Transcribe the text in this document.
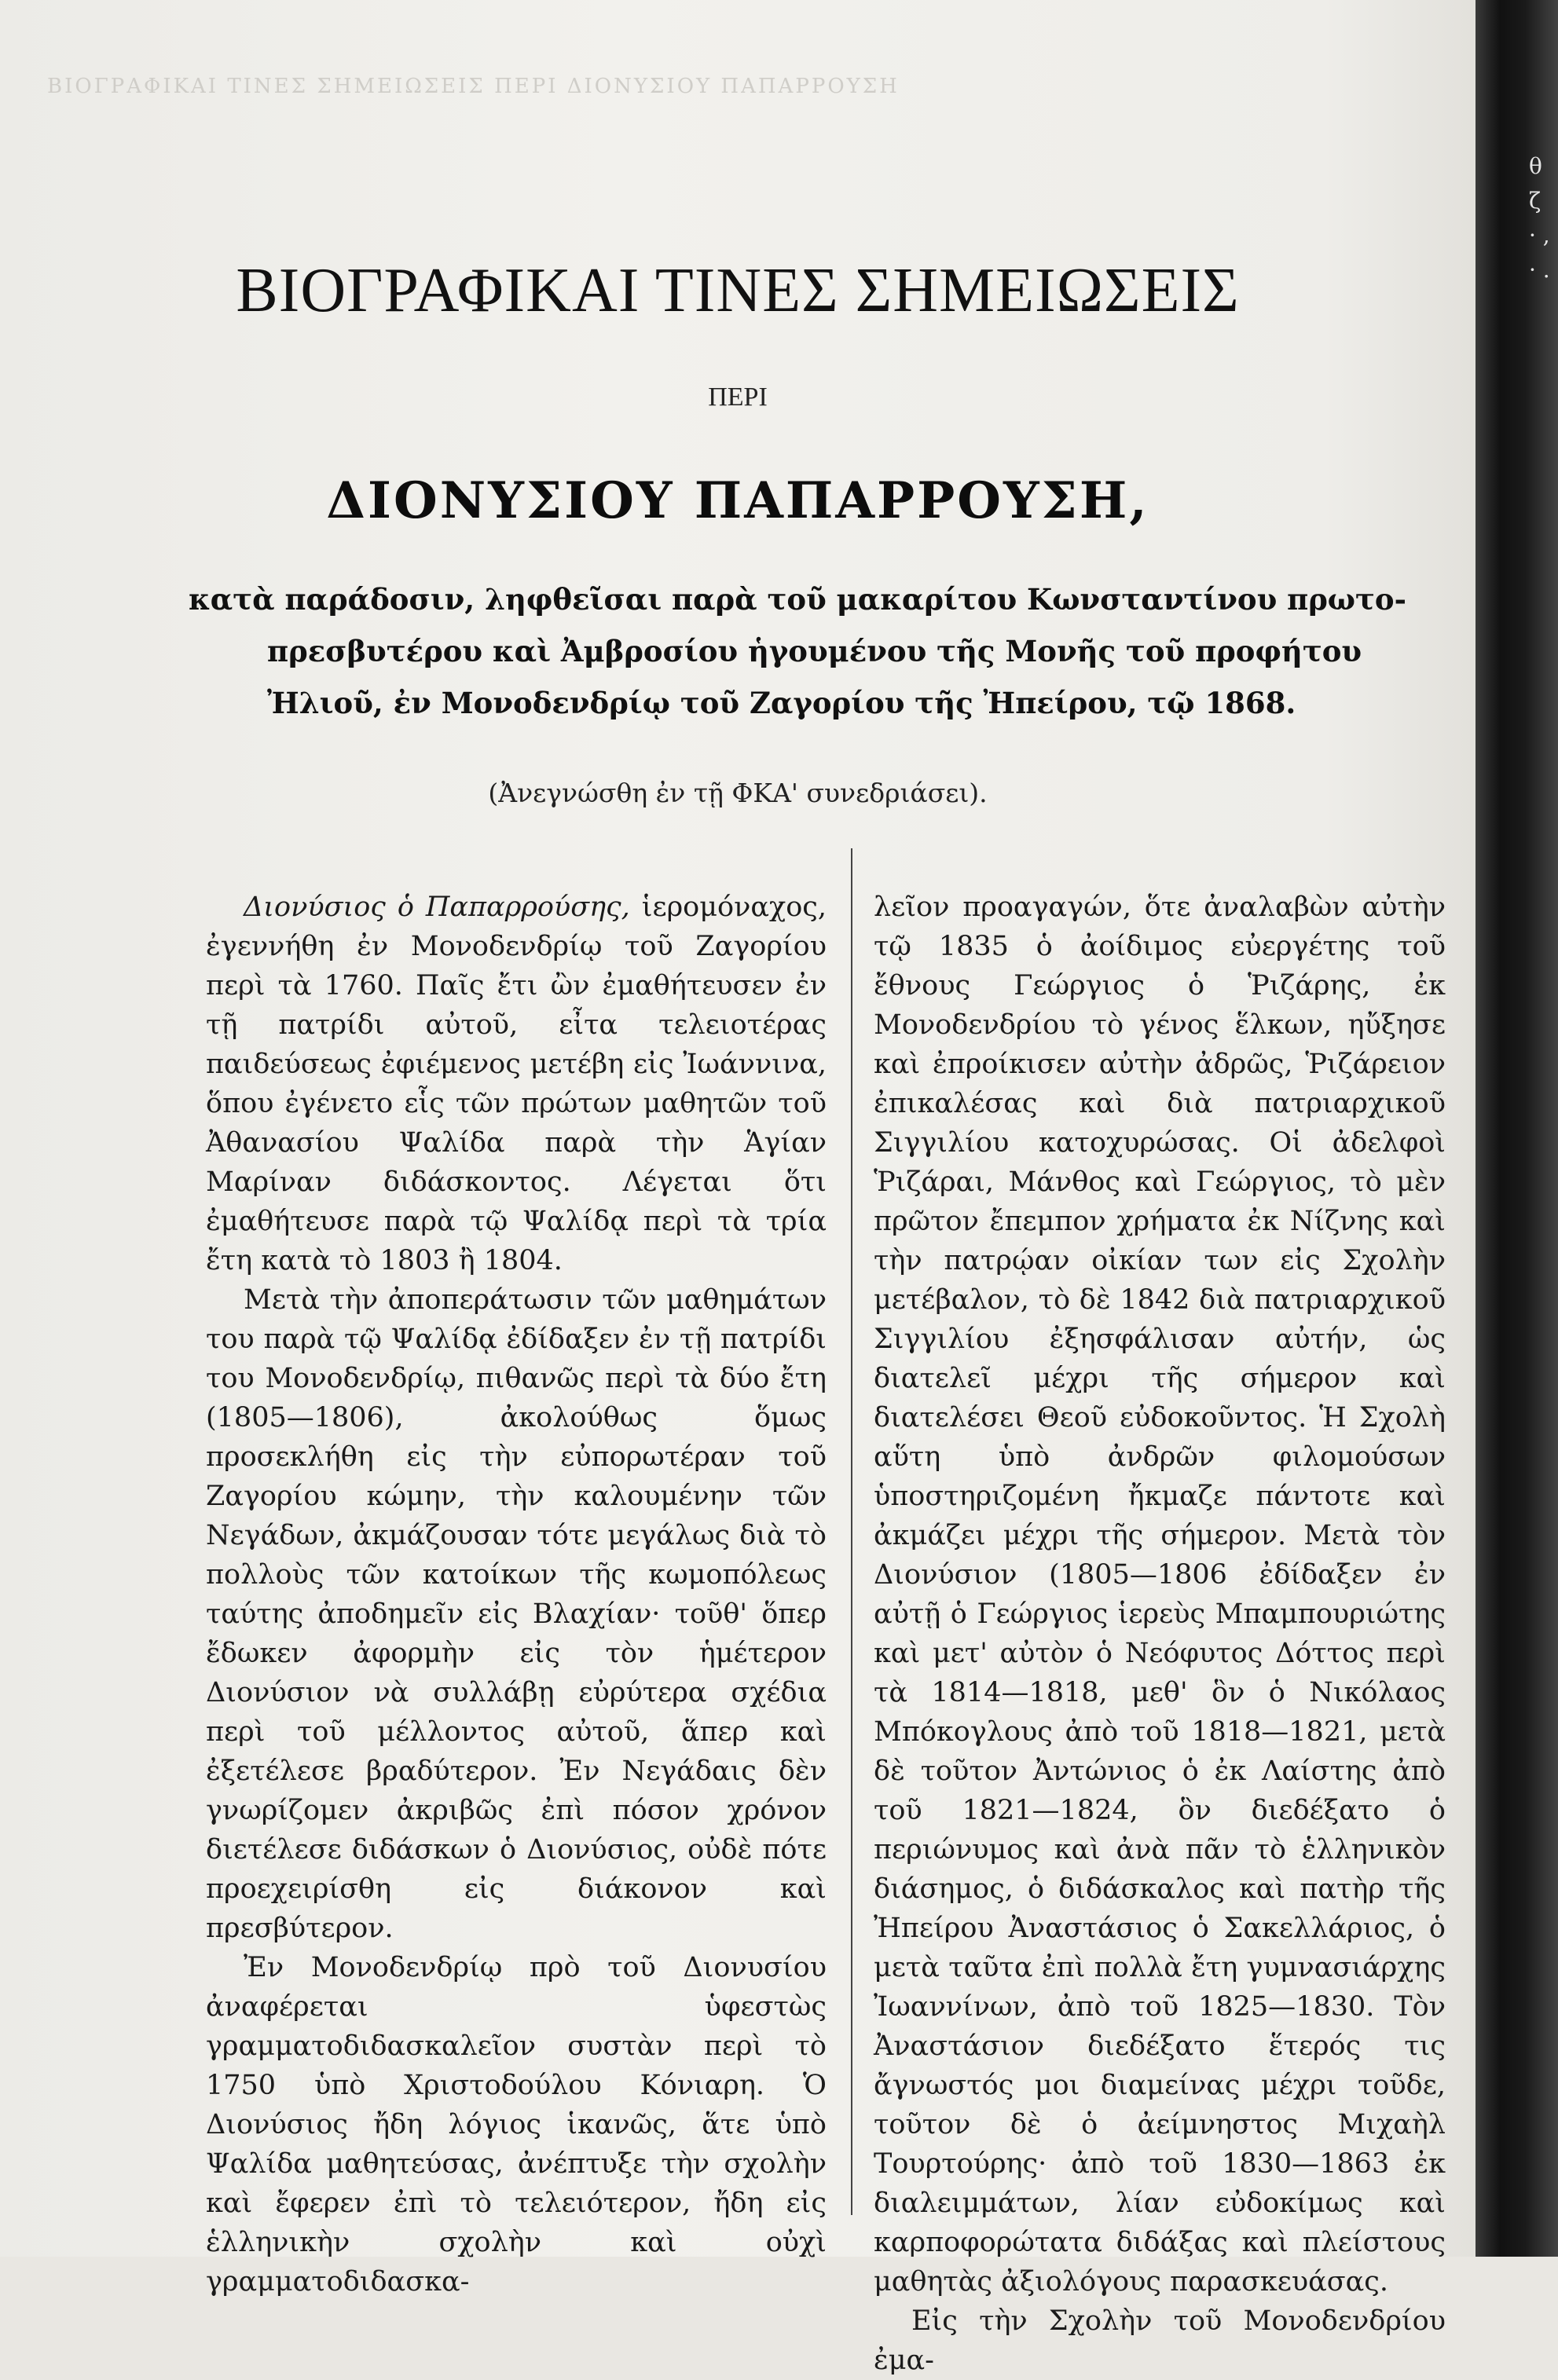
ΒΙΟΓΡΑΦΙΚΑΙ ΤΙΝΕΣ ΣΗΜΕΙΩΣΕΙΣ ΠΕΡΙ ΔΙΟΝΥΣΙΟΥ ΠΑΠΑΡΡΟΥΣΗ
ΒΙΟΓΡΑΦΙΚΑΙ ΤΙΝΕΣ ΣΗΜΕΙΩΣΕΙΣ
ΠΕΡΙ
ΔΙΟΝΥΣΙΟΥ ΠΑΠΑΡΡΟΥΣΗ,
κατὰ παράδοσιν, ληφθεῖσαι παρὰ τοῦ μακαρίτου Κωνσταντίνου πρωτο-
πρεσβυτέρου καὶ Ἀμβροσίου ἡγουμένου τῆς Μονῆς τοῦ προφήτου
Ἠλιοῦ, ἐν Μονοδενδρίῳ τοῦ Ζαγορίου τῆς Ἠπείρου, τῷ 1868.
(Ἀνεγνώσθη ἐν τῇ ΦΚΑ' συνεδριάσει).

Διονύσιος ὁ Παπαρρούσης, ἱερομόναχος, ἐγεννήθη ἐν Μονοδενδρίῳ τοῦ Ζαγορίου περὶ τὰ 1760. Παῖς ἔτι ὢν ἐμαθήτευσεν ἐν τῇ πατρίδι αὐτοῦ, εἶτα τελειοτέρας παιδεύσεως ἐφιέμενος μετέβη εἰς Ἰωάννινα, ὅπου ἐγένετο εἷς τῶν πρώτων μαθητῶν τοῦ Ἀθανασίου Ψαλίδα παρὰ τὴν Ἁγίαν Μαρίναν διδάσκοντος. Λέγεται ὅτι ἐμαθήτευσε παρὰ τῷ Ψαλίδᾳ περὶ τὰ τρία ἔτη κατὰ τὸ 1803 ἢ 1804.

Μετὰ τὴν ἀποπεράτωσιν τῶν μαθημάτων του παρὰ τῷ Ψαλίδᾳ ἐδίδαξεν ἐν τῇ πατρίδι του Μονοδενδρίῳ, πιθανῶς περὶ τὰ δύο ἔτη (1805—1806), ἀκολούθως ὅμως προσεκλήθη εἰς τὴν εὐπορωτέραν τοῦ Ζαγορίου κώμην, τὴν καλουμένην τῶν Νεγάδων, ἀκμάζουσαν τότε μεγάλως διὰ τὸ πολλοὺς τῶν κατοίκων τῆς κωμοπόλεως ταύτης ἀποδημεῖν εἰς Βλαχίαν· τοῦθ' ὅπερ ἔδωκεν ἀφορμὴν εἰς τὸν ἡμέτερον Διονύσιον νὰ συλλάβῃ εὐρύτερα σχέδια περὶ τοῦ μέλλοντος αὐτοῦ, ἅπερ καὶ ἐξετέλεσε βραδύτερον. Ἐν Νεγάδαις δὲν γνωρίζομεν ἀκριβῶς ἐπὶ πόσον χρόνον διετέλεσε διδάσκων ὁ Διονύσιος, οὐδὲ πότε προεχειρίσθη εἰς διάκονον καὶ πρεσβύτερον.

Ἐν Μονοδενδρίῳ πρὸ τοῦ Διονυσίου ἀναφέρεται ὑφεστὼς γραμματοδιδασκαλεῖον συστὰν περὶ τὸ 1750 ὑπὸ Χριστοδούλου Κόνιαρη. Ὁ Διονύσιος ἤδη λόγιος ἱκανῶς, ἅτε ὑπὸ Ψαλίδα μαθητεύσας, ἀνέπτυξε τὴν σχολὴν καὶ ἔφερεν ἐπὶ τὸ τελειότερον, ἤδη εἰς ἑλληνικὴν σχολὴν καὶ οὐχὶ γραμματοδιδασκα-

λεῖον προαγαγών, ὅτε ἀναλαβὼν αὐτὴν τῷ 1835 ὁ ἀοίδιμος εὐεργέτης τοῦ ἔθνους Γεώργιος ὁ Ῥιζάρης, ἐκ Μονοδενδρίου τὸ γένος ἕλκων, ηὔξησε καὶ ἐπροίκισεν αὐτὴν ἀδρῶς, Ῥιζάρειον ἐπικαλέσας καὶ διὰ πατριαρχικοῦ Σιγγιλίου κατοχυρώσας. Οἱ ἀδελφοὶ Ῥιζάραι, Μάνθος καὶ Γεώργιος, τὸ μὲν πρῶτον ἔπεμπον χρήματα ἐκ Νίζνης καὶ τὴν πατρῴαν οἰκίαν των εἰς Σχολὴν μετέβαλον, τὸ δὲ 1842 διὰ πατριαρχικοῦ Σιγγιλίου ἐξησφάλισαν αὐτήν, ὡς διατελεῖ μέχρι τῆς σήμερον καὶ διατελέσει Θεοῦ εὐδοκοῦντος. Ἡ Σχολὴ αὕτη ὑπὸ ἀνδρῶν φιλομούσων ὑποστηριζομένη ἤκμαζε πάντοτε καὶ ἀκμάζει μέχρι τῆς σήμερον. Μετὰ τὸν Διονύσιον (1805—1806 ἐδίδαξεν ἐν αὐτῇ ὁ Γεώργιος ἱερεὺς Μπαμπουριώτης καὶ μετ' αὐτὸν ὁ Νεόφυτος Δόττος περὶ τὰ 1814—1818, μεθ' ὃν ὁ Νικόλαος Μπόκογλους ἀπὸ τοῦ 1818—1821, μετὰ δὲ τοῦτον Ἀντώνιος ὁ ἐκ Λαίστης ἀπὸ τοῦ 1821—1824, ὃν διεδέξατο ὁ περιώνυμος καὶ ἀνὰ πᾶν τὸ ἑλληνικὸν διάσημος, ὁ διδάσκαλος καὶ πατὴρ τῆς Ἠπείρου Ἀναστάσιος ὁ Σακελλάριος, ὁ μετὰ ταῦτα ἐπὶ πολλὰ ἔτη γυμνασιάρχης Ἰωαννίνων, ἀπὸ τοῦ 1825—1830. Τὸν Ἀναστάσιον διεδέξατο ἕτερός τις ἄγνωστός μοι διαμείνας μέχρι τοῦδε, τοῦτον δὲ ὁ ἀείμνηστος Μιχαὴλ Τουρτούρης· ἀπὸ τοῦ 1830—1863 ἐκ διαλειμμάτων, λίαν εὐδοκίμως καὶ καρποφορώτατα διδάξας καὶ πλείστους μαθητὰς ἀξιολόγους παρασκευάσας.

Εἰς τὴν Σχολὴν τοῦ Μονοδενδρίου ἐμα-

θ ζ · , · .
